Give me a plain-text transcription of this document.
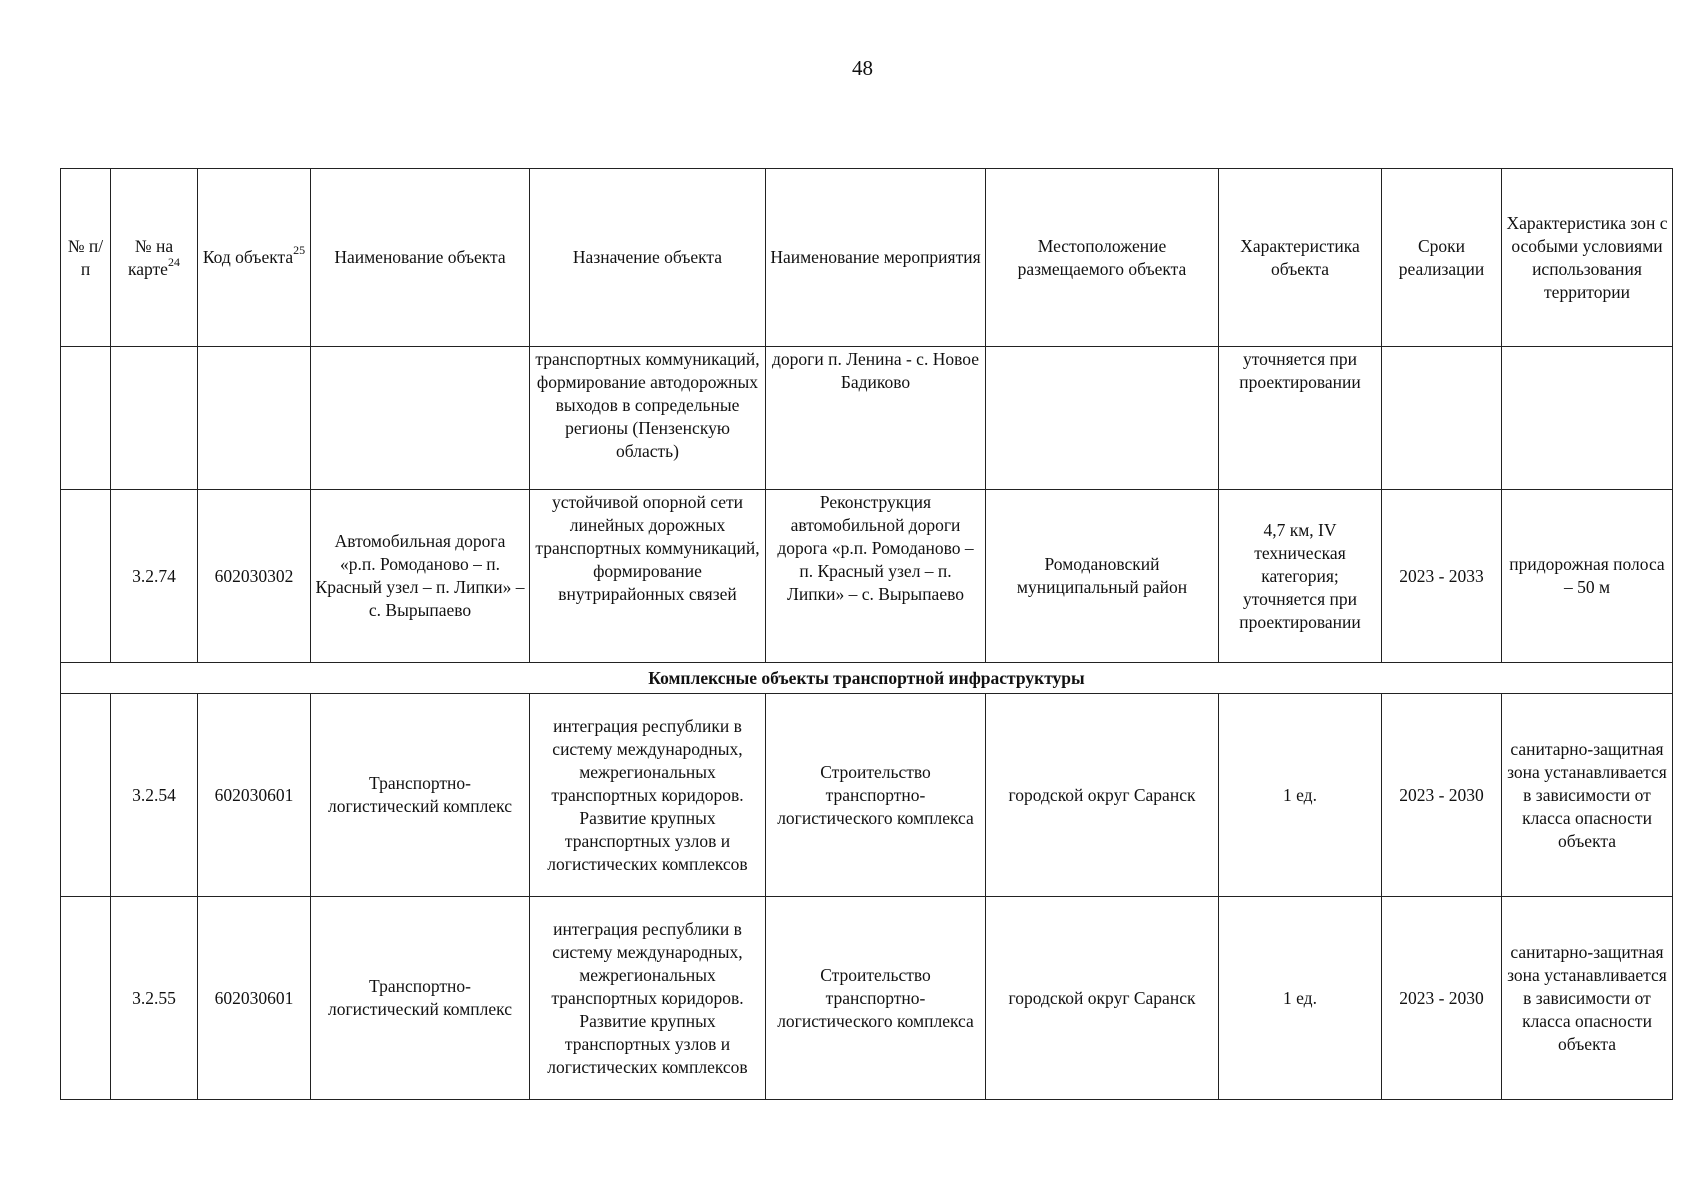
48
№ п/п	№ на карте$^{24}$	Код объекта$^{25}$	Наименование объекта	Назначение объекта	Наименование мероприятия	Местоположение размещаемого объекта	Характеристика объекта	Сроки реализации	Характеристика зон с особыми условиями использования территории
				транспортных коммуникаций, формирование автодорожных выходов в сопредельные регионы (Пензенскую область)	дороги п. Ленина - с. Новое Бадиково		уточняется при проектировании		
	3.2.74	602030302	Автомобильная дорога «р.п. Ромоданово – п. Красный узел – п. Липки» – с. Вырыпаево	устойчивой опорной сети линейных дорожных транспортных коммуникаций, формирование внутрирайонных связей	Реконструкция автомобильной дороги дорога «р.п. Ромоданово – п. Красный узел – п. Липки» – с. Вырыпаево	Ромодановский муниципальный район	4,7 км, IV техническая категория; уточняется при проектировании	2023 - 2033	придорожная полоса – 50 м
Комплексные объекты транспортной инфраструктуры									
	3.2.54	602030601	Транспортно-логистический комплекс	интеграция республики в систему международных, межрегиональных транспортных коридоров. Развитие крупных транспортных узлов и логистических комплексов	Строительство транспортно-логистического комплекса	городской округ Саранск	1 ед.	2023 - 2030	санитарно-защитная зона устанавливается в зависимости от класса опасности объекта
	3.2.55	602030601	Транспортно-логистический комплекс	интеграция республики в систему международных, межрегиональных транспортных коридоров. Развитие крупных транспортных узлов и логистических комплексов	Строительство транспортно-логистического комплекса	городской округ Саранск	1 ед.	2023 - 2030	санитарно-защитная зона устанавливается в зависимости от класса опасности объекта
